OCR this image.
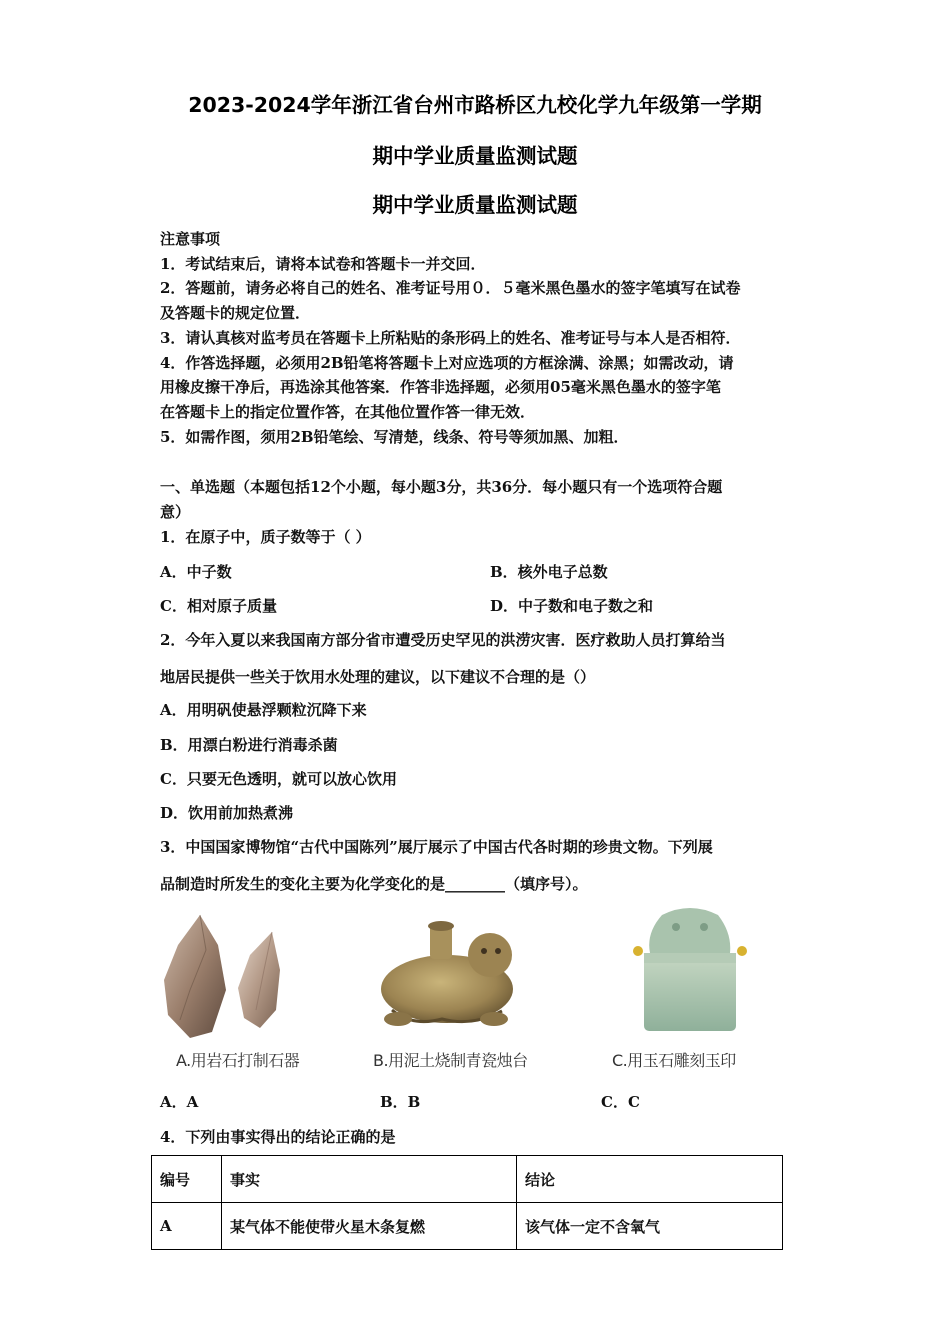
2023-2024学年浙江省台州市路桥区九校化学九年级第一学期
期中学业质量监测试题
期中学业质量监测试题
注意事项
1．考试结束后，请将本试卷和答题卡一并交回．
2．答题前，请务必将自己的姓名、准考证号用０．５毫米黑色墨水的签字笔填写在试卷
及答题卡的规定位置．
3．请认真核对监考员在答题卡上所粘贴的条形码上的姓名、准考证号与本人是否相符．
4．作答选择题，必须用2B铅笔将答题卡上对应选项的方框涂满、涂黑；如需改动，请
用橡皮擦干净后，再选涂其他答案．作答非选择题，必须用05毫米黑色墨水的签字笔
在答题卡上的指定位置作答，在其他位置作答一律无效．
5．如需作图，须用2B铅笔绘、写清楚，线条、符号等须加黑、加粗．
一、单选题（本题包括12个小题，每小题3分，共36分．每小题只有一个选项符合题
意）
1．在原子中，质子数等于（ ）
A．中子数	B．核外电子总数
C．相对原子质量	D．中子数和电子数之和
2．今年入夏以来我国南方部分省市遭受历史罕见的洪涝灾害．医疗救助人员打算给当
地居民提供一些关于饮用水处理的建议，以下建议不合理的是（）
A．用明矾使悬浮颗粒沉降下来
B．用漂白粉进行消毒杀菌
C．只要无色透明，就可以放心饮用
D．饮用前加热煮沸
3．中国国家博物馆“古代中国陈列”展厅展示了中国古代各时期的珍贵文物。下列展
品制造时所发生的变化主要为化学变化的是________（填序号）。
A.用岩石打制石器	B.用泥土烧制青瓷烛台	C.用玉石雕刻玉印
A．A	B．B	C．C
4．下列由事实得出的结论正确的是
编号	事实	结论
A	某气体不能使带火星木条复燃	该气体一定不含氧气
